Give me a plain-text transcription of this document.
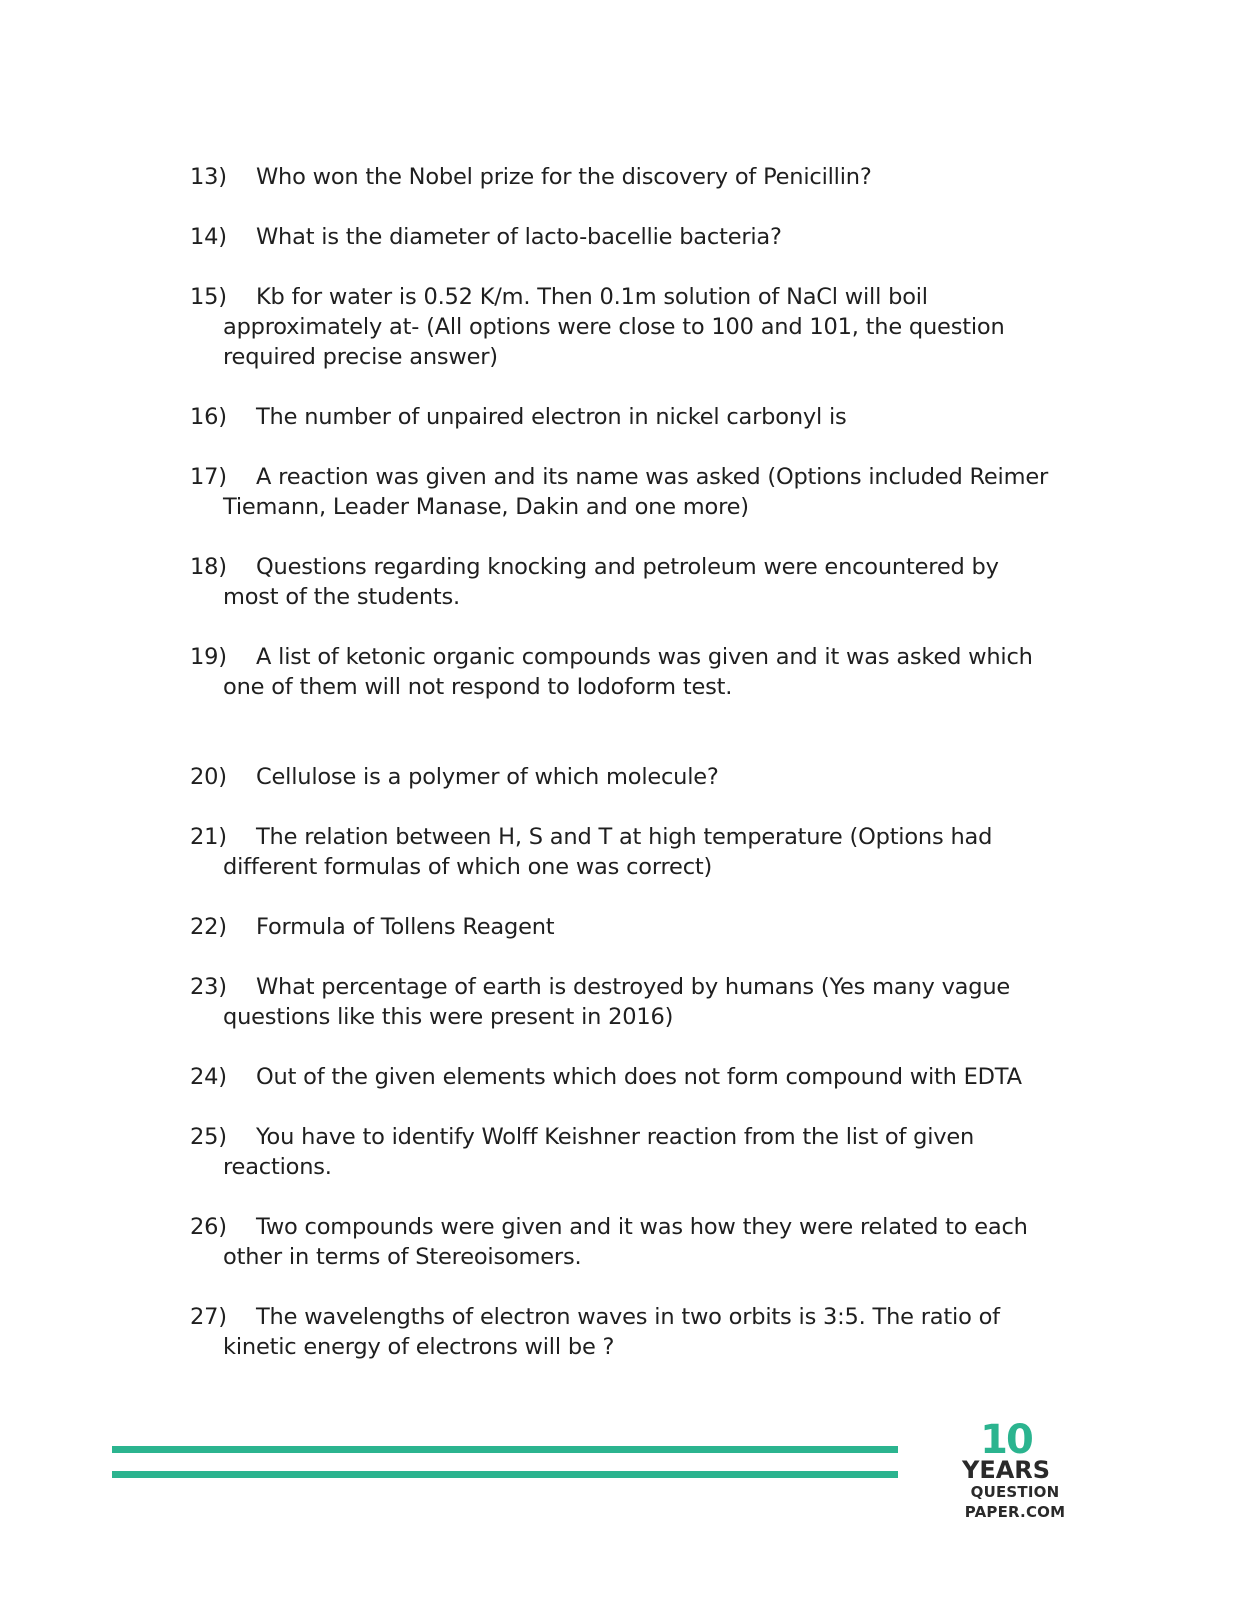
13) Who won the Nobel prize for the discovery of Penicillin?
14) What is the diameter of lacto-bacellie bacteria?
15) Kb for water is 0.52 K/m. Then 0.1m solution of NaCl will boil
approximately at- (All options were close to 100 and 101, the question
required precise answer)
16) The number of unpaired electron in nickel carbonyl is
17) A reaction was given and its name was asked (Options included Reimer
Tiemann, Leader Manase, Dakin and one more)
18) Questions regarding knocking and petroleum were encountered by
most of the students.
19) A list of ketonic organic compounds was given and it was asked which
one of them will not respond to Iodoform test.
20) Cellulose is a polymer of which molecule?
21) The relation between H, S and T at high temperature (Options had
different formulas of which one was correct)
22) Formula of Tollens Reagent
23) What percentage of earth is destroyed by humans (Yes many vague
questions like this were present in 2016)
24) Out of the given elements which does not form compound with EDTA
25) You have to identify Wolff Keishner reaction from the list of given
reactions.
26) Two compounds were given and it was how they were related to each
other in terms of Stereoisomers.
27) The wavelengths of electron waves in two orbits is 3:5. The ratio of
kinetic energy of electrons will be ?
10
YEARS
QUESTION PAPER.COM
